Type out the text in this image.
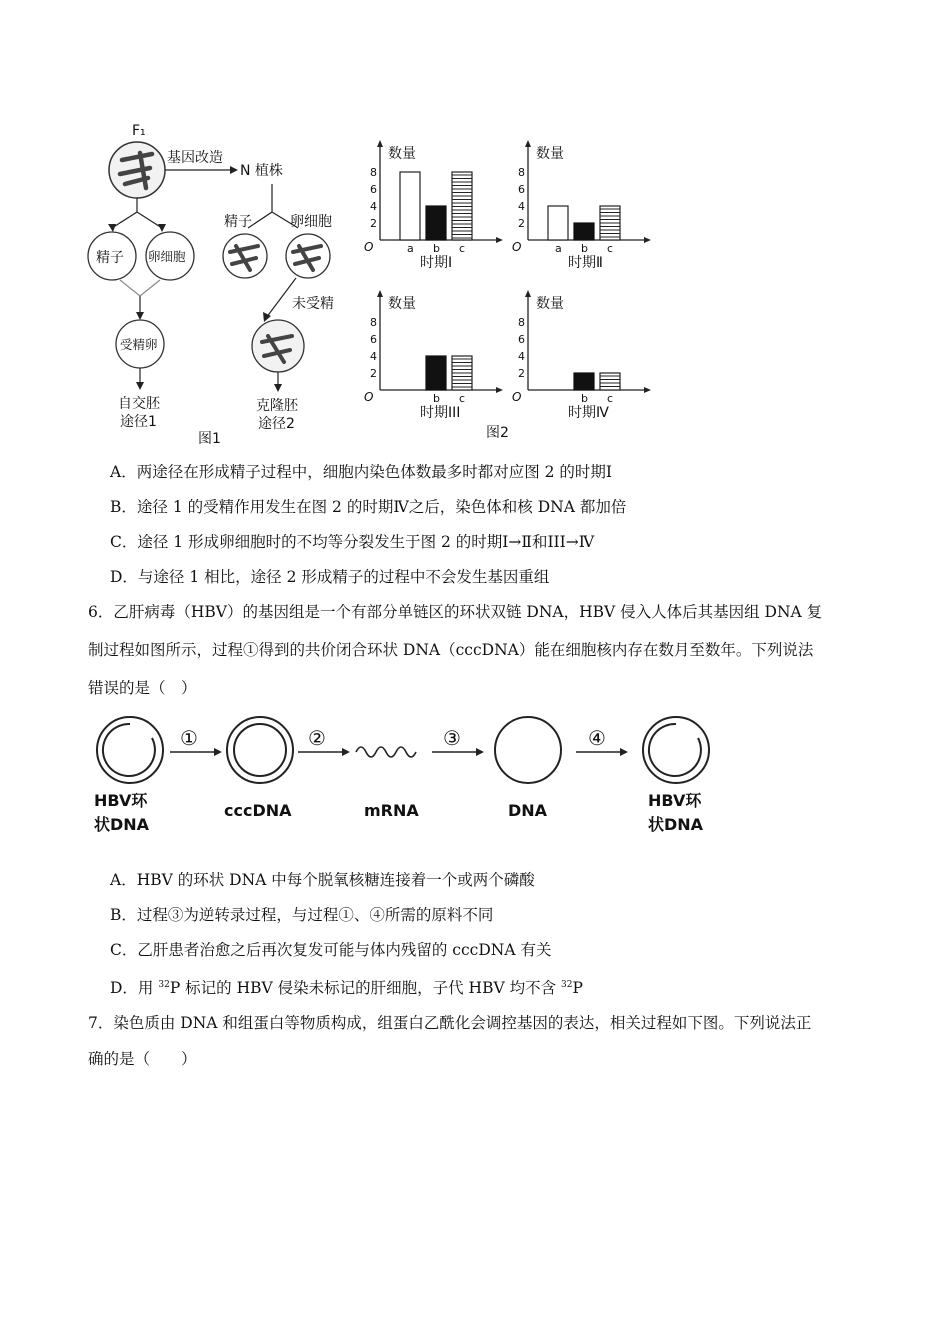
F₁
基因改造
N 植株
精子 卵细胞
受精卵
自交胚
途径1
精子	卵细胞
未受精
克隆胚
途径2
图1
数量
O
2
4
6
8
a b c
时期Ⅰ
数量
O
2
4
6
8
a b c
时期Ⅱ
数量
O
2
4
6
8
b c
时期III
数量
O
2
4
6
8
b c
时期Ⅳ
图2
A．两途径在形成精子过程中，细胞内染色体数最多时都对应图 2 的时期Ⅰ
B．途径 1 的受精作用发生在图 2 的时期Ⅳ之后，染色体和核 DNA 都加倍
C．途径 1 形成卵细胞时的不均等分裂发生于图 2 的时期Ⅰ→Ⅱ和III→Ⅳ
D．与途径 1 相比，途径 2 形成精子的过程中不会发生基因重组
6．乙肝病毒（HBV）的基因组是一个有部分单链区的环状双链 DNA，HBV 侵入人体后其基因组 DNA 复
制过程如图所示，过程①得到的共价闭合环状 DNA（cccDNA）能在细胞核内存在数月至数年。下列说法
错误的是（　）
HBV环
状DNA
①
cccDNA
②
mRNA
③
DNA
④
HBV环
状DNA
A．HBV 的环状 DNA 中每个脱氧核糖连接着一个或两个磷酸
B．过程③为逆转录过程，与过程①、④所需的原料不同
C．乙肝患者治愈之后再次复发可能与体内残留的 cccDNA 有关
D．用 $^{32}$P 标记的 HBV 侵染未标记的肝细胞，子代 HBV 均不含 $^{32}$P
7．染色质由 DNA 和组蛋白等物质构成，组蛋白乙酰化会调控基因的表达，相关过程如下图。下列说法正
确的是（　　）
